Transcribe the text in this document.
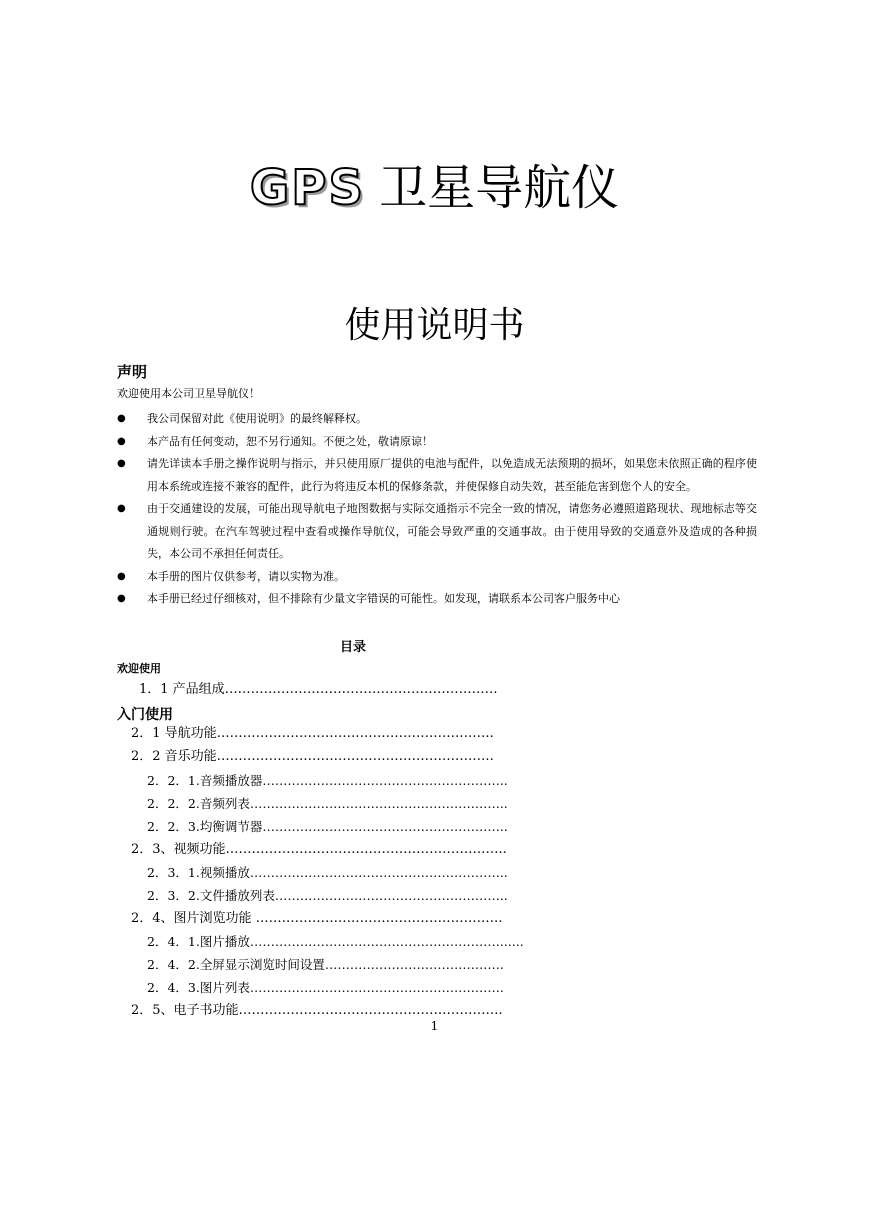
GPS 卫星导航仪
使用说明书
声明
欢迎使用本公司卫星导航仪！
● 我公司保留对此《使用说明》的最终解释权。
● 本产品有任何变动，恕不另行通知。不便之处，敬请原谅！
● 请先详读本手册之操作说明与指示，并只使用原厂提供的电池与配件，以免造成无法预期的损坏，如果您未依照正确的程序使用本系统或连接不兼容的配件，此行为将违反本机的保修条款，并使保修自动失效，甚至能危害到您个人的安全。
● 由于交通建设的发展，可能出现导航电子地图数据与实际交通指示不完全一致的情况，请您务必遵照道路现状、现地标志等交通规则行驶。在汽车驾驶过程中查看或操作导航仪，可能会导致严重的交通事故。由于使用导致的交通意外及造成的各种损失，本公司不承担任何责任。
● 本手册的图片仅供参考，请以实物为准。
● 本手册已经过仔细核对，但不排除有少量文字错误的可能性。如发现，请联系本公司客户服务中心
目录
欢迎使用
入门使用
1．1 产品组成………………………………………………………
2．1 导航功能……………………………………………………….
2．2 音乐功能……………………………………………………….
2．2．1.音频播放器…………………………………………………..
2．2．2.音频列表……………………………………………………..
2．2．3.均衡调节器…………………………………………………..
2．3、视频功能………………………………………………………..
2．3．1.视频播放……………………………………………………..
2．3．2.文件播放列表………………………………………………..
2．4、图片浏览功能 …………………………………………………
2．4．1.图片播放……………………………………………………......
2．4．2.全屏显示浏览时间设置…………………………………….
2．4．3.图片列表…………………………………………………….
2．5、电子书功能…………………………………………………….
1
